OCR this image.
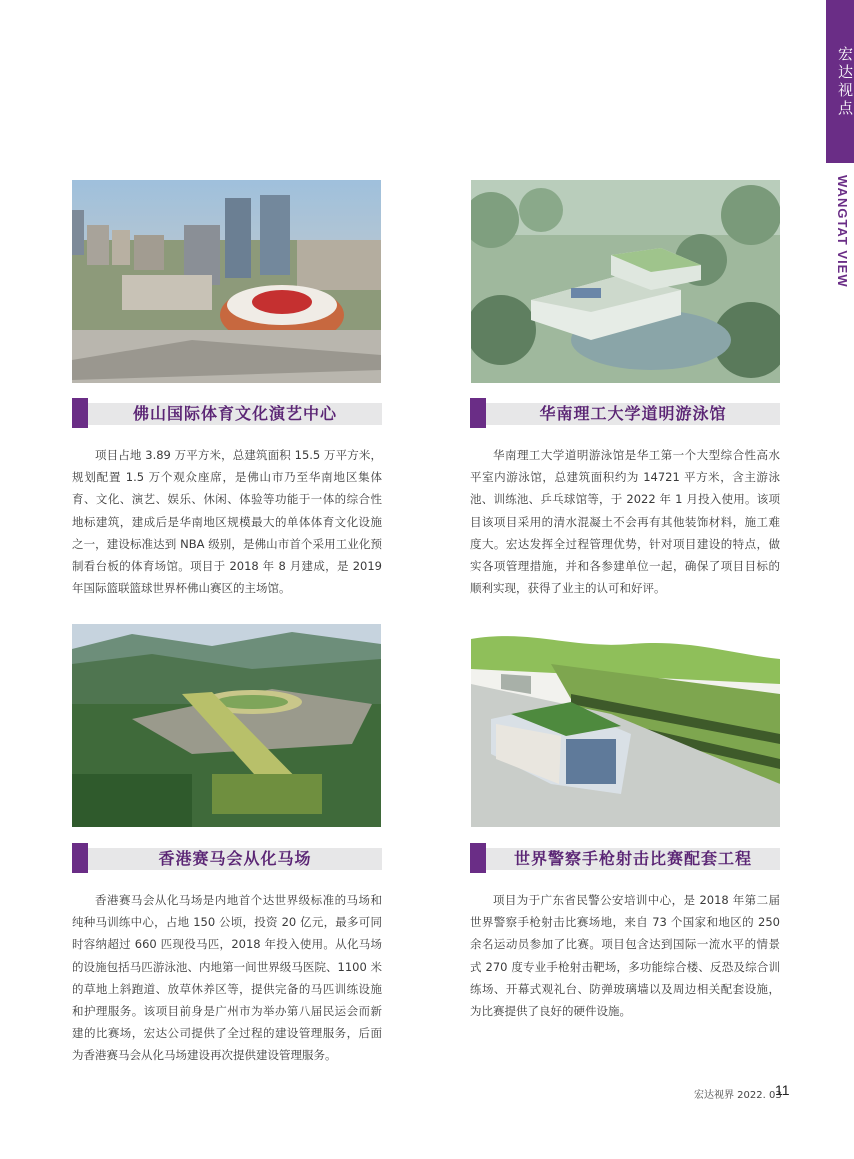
宏达视点
WANGTAT VIEW
佛山国际体育文化演艺中心

项目占地 3.89 万平方米，总建筑面积 15.5 万平方米，规划配置 1.5 万个观众座席，是佛山市乃至华南地区集体育、文化、演艺、娱乐、休闲、体验等功能于一体的综合性地标建筑，建成后是华南地区规模最大的单体体育文化设施之一，建设标准达到 NBA 级别，是佛山市首个采用工业化预制看台板的体育场馆。项目于 2018 年 8 月建成，是 2019 年国际篮联篮球世界杯佛山赛区的主场馆。

华南理工大学道明游泳馆

华南理工大学道明游泳馆是华工第一个大型综合性高水平室内游泳馆，总建筑面积约为 14721 平方米，含主游泳池、训练池、乒乓球馆等，于 2022 年 1 月投入使用。该项目该项目采用的清水混凝土不会再有其他装饰材料，施工难度大。宏达发挥全过程管理优势，针对项目建设的特点，做实各项管理措施，并和各参建单位一起，确保了项目目标的顺利实现，获得了业主的认可和好评。

香港赛马会从化马场

香港赛马会从化马场是内地首个达世界级标准的马场和纯种马训练中心，占地 150 公顷，投资 20 亿元，最多可同时容纳超过 660 匹现役马匹，2018 年投入使用。从化马场的设施包括马匹游泳池、内地第一间世界级马医院、1100 米的草地上斜跑道、放草休养区等，提供完备的马匹训练设施和护理服务。该项目前身是广州市为举办第八届民运会而新建的比赛场，宏达公司提供了全过程的建设管理服务，后面为香港赛马会从化马场建设再次提供建设管理服务。

世界警察手枪射击比赛配套工程

项目为于广东省民警公安培训中心，是 2018 年第二届世界警察手枪射击比赛场地，来自 73 个国家和地区的 250 余名运动员参加了比赛。项目包含达到国际一流水平的情景式 270 度专业手枪射击靶场，多功能综合楼、反恐及综合训练场、开幕式观礼台、防弹玻璃墙以及周边相关配套设施，为比赛提供了良好的硬件设施。

宏达视界 2022. 03
11
